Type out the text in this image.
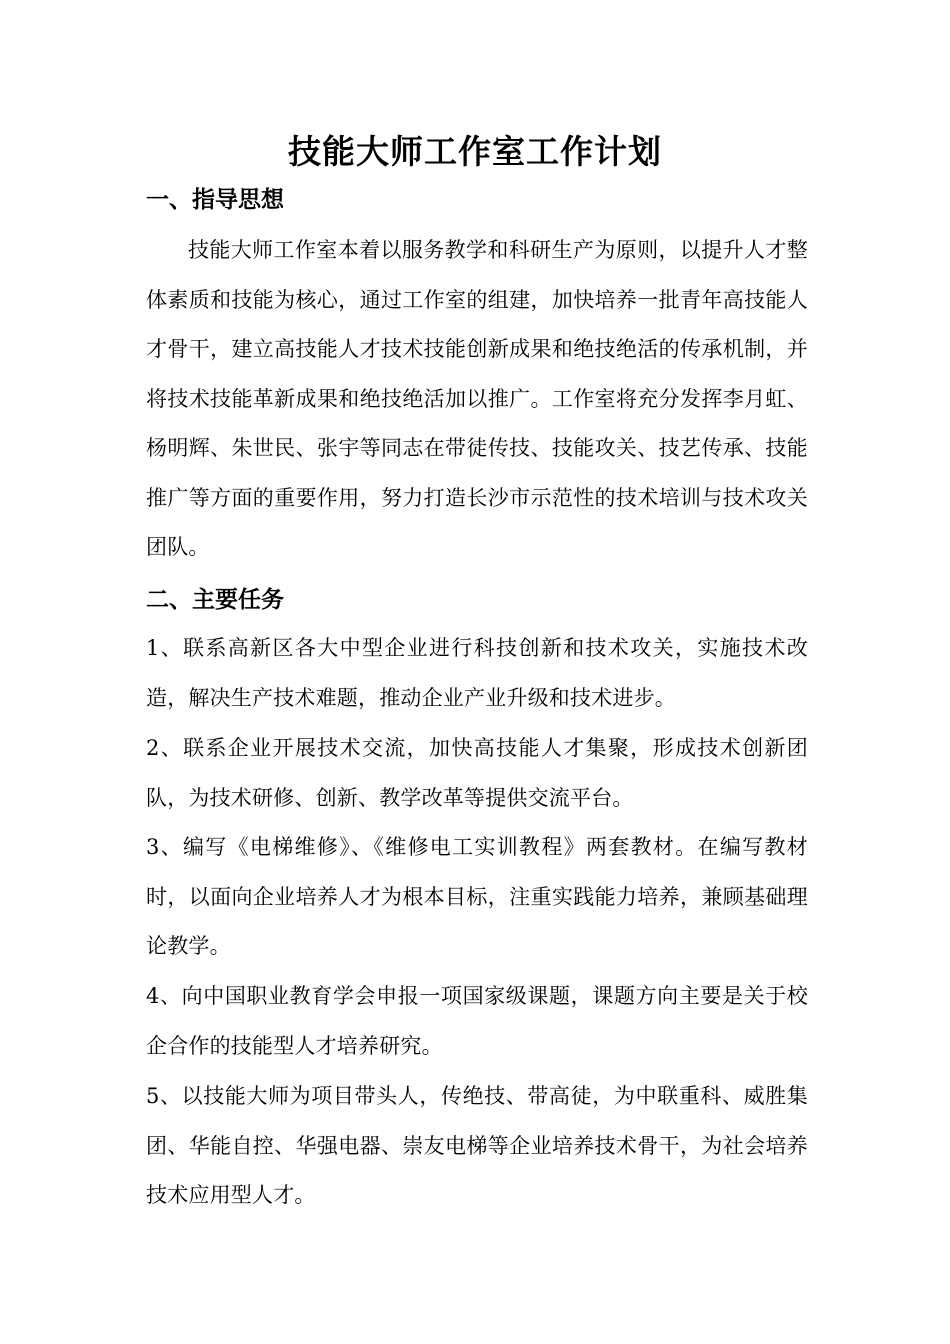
技能大师工作室工作计划
一、指导思想

技能大师工作室本着以服务教学和科研生产为原则，以提升人才整体素质和技能为核心，通过工作室的组建，加快培养一批青年高技能人才骨干，建立高技能人才技术技能创新成果和绝技绝活的传承机制，并将技术技能革新成果和绝技绝活加以推广。工作室将充分发挥李月虹、杨明辉、朱世民、张宇等同志在带徒传技、技能攻关、技艺传承、技能推广等方面的重要作用，努力打造长沙市示范性的技术培训与技术攻关团队。

二、主要任务

1、联系高新区各大中型企业进行科技创新和技术攻关，实施技术改造，解决生产技术难题，推动企业产业升级和技术进步。

2、联系企业开展技术交流，加快高技能人才集聚，形成技术创新团队，为技术研修、创新、教学改革等提供交流平台。

3、编写《电梯维修》、《维修电工实训教程》两套教材。在编写教材时，以面向企业培养人才为根本目标，注重实践能力培养，兼顾基础理论教学。

4、向中国职业教育学会申报一项国家级课题，课题方向主要是关于校企合作的技能型人才培养研究。

5、以技能大师为项目带头人，传绝技、带高徒，为中联重科、威胜集团、华能自控、华强电器、崇友电梯等企业培养技术骨干，为社会培养技术应用型人才。
